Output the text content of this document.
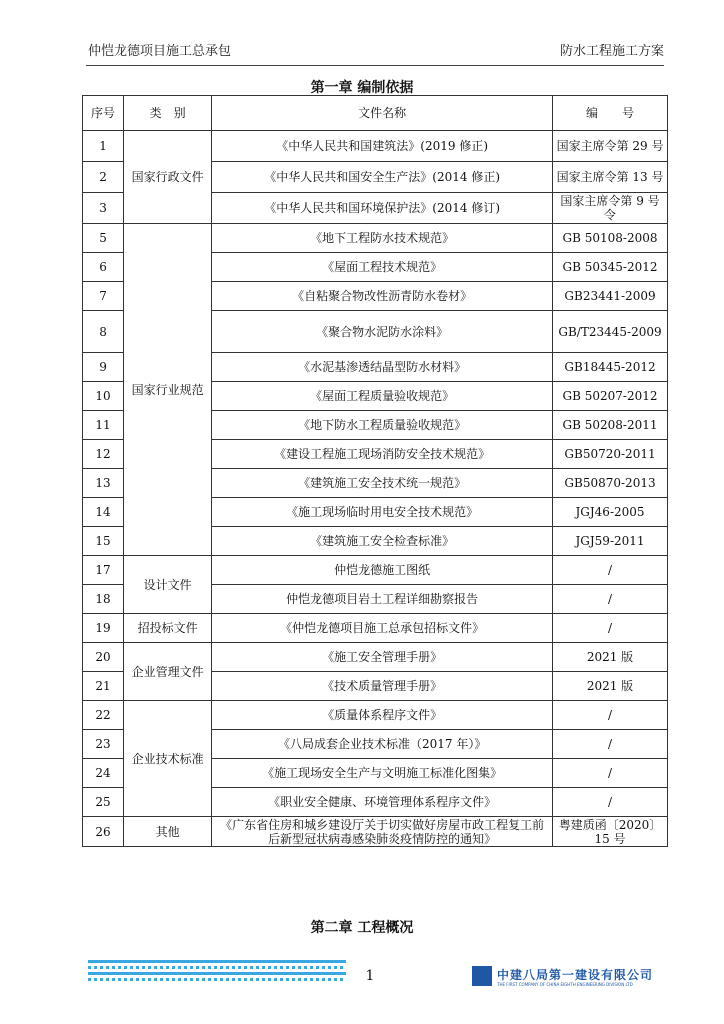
仲恺龙德项目施工总承包	防水工程施工方案
第一章 编制依据
序号	类　别	文件名称	编　　号
1	国家行政文件	《中华人民共和国建筑法》(2019 修正)	国家主席令第 29 号
2		《中华人民共和国安全生产法》(2014 修正)	国家主席令第 13 号
3		《中华人民共和国环境保护法》(2014 修订)	国家主席令第 9 号令
5	国家行业规范	《地下工程防水技术规范》	GB 50108-2008
6		《屋面工程技术规范》	GB 50345-2012
7		《自粘聚合物改性沥青防水卷材》	GB23441-2009
8		《聚合物水泥防水涂料》	GB/T23445-2009
9		《水泥基渗透结晶型防水材料》	GB18445-2012
10		《屋面工程质量验收规范》	GB 50207-2012
11		《地下防水工程质量验收规范》	GB 50208-2011
12		《建设工程施工现场消防安全技术规范》	GB50720-2011
13		《建筑施工安全技术统一规范》	GB50870-2013
14		《施工现场临时用电安全技术规范》	JGJ46-2005
15		《建筑施工安全检查标准》	JGJ59-2011
17	设计文件	仲恺龙德施工图纸	/
18		仲恺龙德项目岩土工程详细勘察报告	/
19	招投标文件	《仲恺龙德项目施工总承包招标文件》	/
20	企业管理文件	《施工安全管理手册》	2021 版
21		《技术质量管理手册》	2021 版
22	企业技术标准	《质量体系程序文件》	/
23		《八局成套企业技术标准（2017 年）》	/
24		《施工现场安全生产与文明施工标准化图集》	/
25		《职业安全健康、环境管理体系程序文件》	/
26	其他	《广东省住房和城乡建设厅关于切实做好房屋市政工程复工前后新型冠状病毒感染肺炎疫情防控的通知》	粤建质函〔2020〕15 号
第二章 工程概况
1	中建八局第一建设有限公司
THE FIRST COMPANY OF CHINA EIGHTH ENGINEERING DIVISION LTD
